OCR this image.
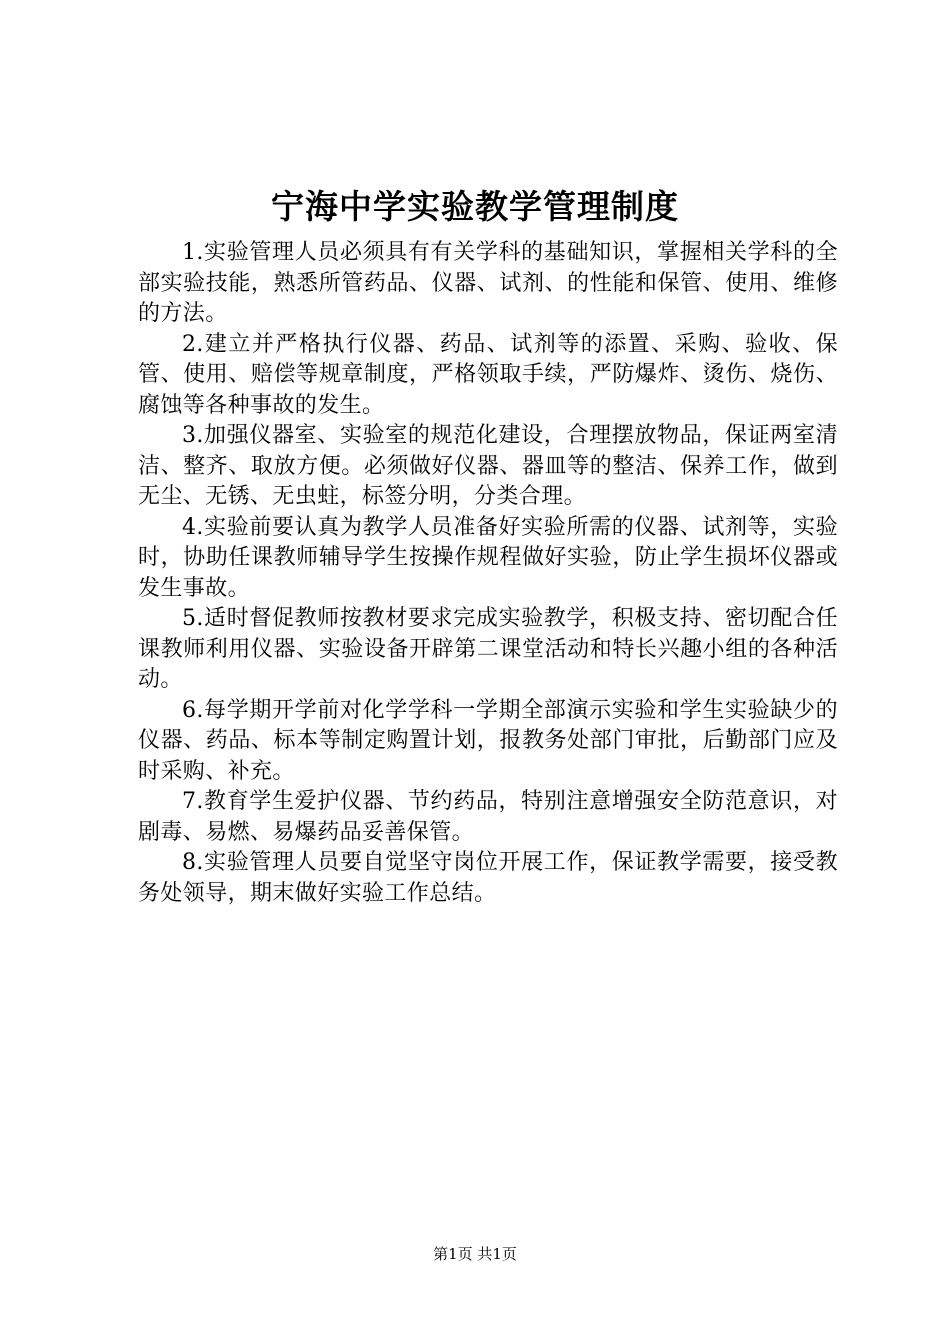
宁海中学实验教学管理制度

1.实验管理人员必须具有有关学科的基础知识，掌握相关学科的全部实验技能，熟悉所管药品、仪器、试剂、的性能和保管、使用、维修的方法。

2.建立并严格执行仪器、药品、试剂等的添置、采购、验收、保管、使用、赔偿等规章制度，严格领取手续，严防爆炸、烫伤、烧伤、腐蚀等各种事故的发生。

3.加强仪器室、实验室的规范化建设，合理摆放物品，保证两室清洁、整齐、取放方便。必须做好仪器、器皿等的整洁、保养工作，做到无尘、无锈、无虫蛀，标签分明，分类合理。

4.实验前要认真为教学人员准备好实验所需的仪器、试剂等，实验时，协助任课教师辅导学生按操作规程做好实验，防止学生损坏仪器或发生事故。

5.适时督促教师按教材要求完成实验教学，积极支持、密切配合任课教师利用仪器、实验设备开辟第二课堂活动和特长兴趣小组的各种活动。

6.每学期开学前对化学学科一学期全部演示实验和学生实验缺少的仪器、药品、标本等制定购置计划，报教务处部门审批，后勤部门应及时采购、补充。

7.教育学生爱护仪器、节约药品，特别注意增强安全防范意识，对剧毒、易燃、易爆药品妥善保管。

8.实验管理人员要自觉坚守岗位开展工作，保证教学需要，接受教务处领导，期末做好实验工作总结。

第1页 共1页
